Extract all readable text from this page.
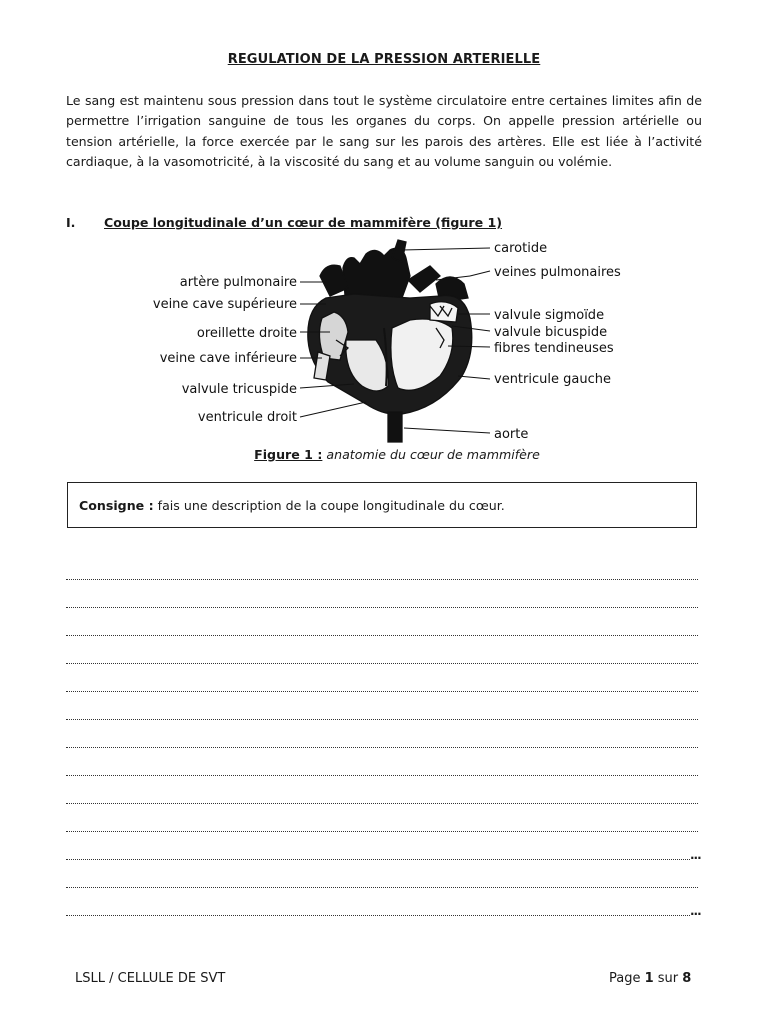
REGULATION DE LA PRESSION ARTERIELLE

Le sang est maintenu sous pression dans tout le système circulatoire entre certaines limites afin de permettre l’irrigation sanguine de tous les organes du corps. On appelle pression artérielle ou tension artérielle, la force exercée par le sang sur les parois des artères. Elle est liée à l’activité cardiaque, à la vasomotricité, à la viscosité du sang et au volume sanguin ou volémie.

I. Coupe longitudinale d’un cœur de mammifère (figure 1)
artère pulmonaire
veine cave supérieure
oreillette droite
veine cave inférieure
valvule tricuspide
ventricule droit
carotide
veines pulmonaires
valvule sigmoïde
valvule bicuspide
fibres tendineuses
ventricule gauche
aorte
Figure 1 : anatomie du cœur de mammifère
Consigne : fais une description de la coupe longitudinale du cœur.
...
...
LSLL / CELLULE DE SVT	Page 1 sur 8
